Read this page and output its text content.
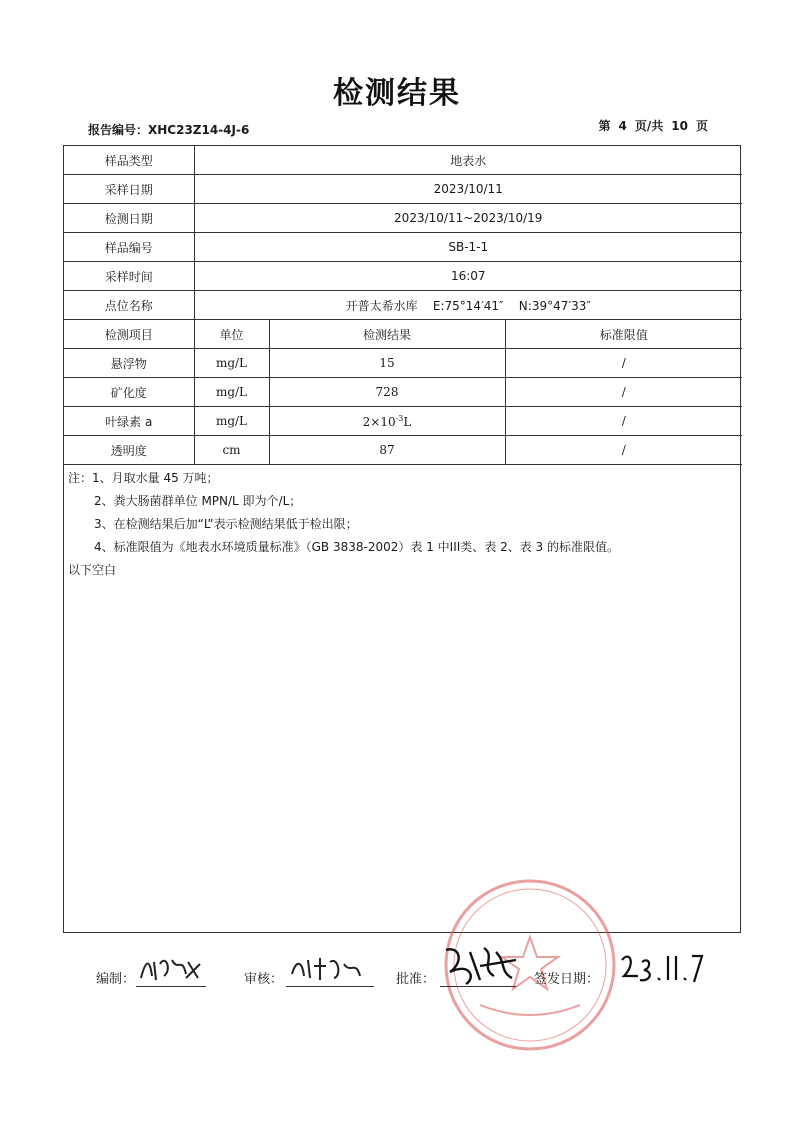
检测结果
报告编号：XHC23Z14-4J-6	第 4 页/共 10 页
样品类型	地表水		
采样日期	2023/10/11		
检测日期	2023/10/11~2023/10/19		
样品编号	SB-1-1		
采样时间	16:07		
点位名称	开普太希水库    E:75°14′41″    N:39°47′33″		
检测项目	单位	检测结果	标准限值
悬浮物	mg/L	15	/
矿化度	mg/L	728	/
叶绿素 a	mg/L	$2\times 10^{-3}L$	/
透明度	cm	87	/
注：1、月取水量 45 万吨；
2、粪大肠菌群单位 MPN/L 即为个/L；
3、在检测结果后加“L”表示检测结果低于检出限；
4、标准限值为《地表水环境质量标准》（GB 3838-2002）表 1 中III类、表 2、表 3 的标准限值。
以下空白
编制：	审核：	批准：	签发日期：
